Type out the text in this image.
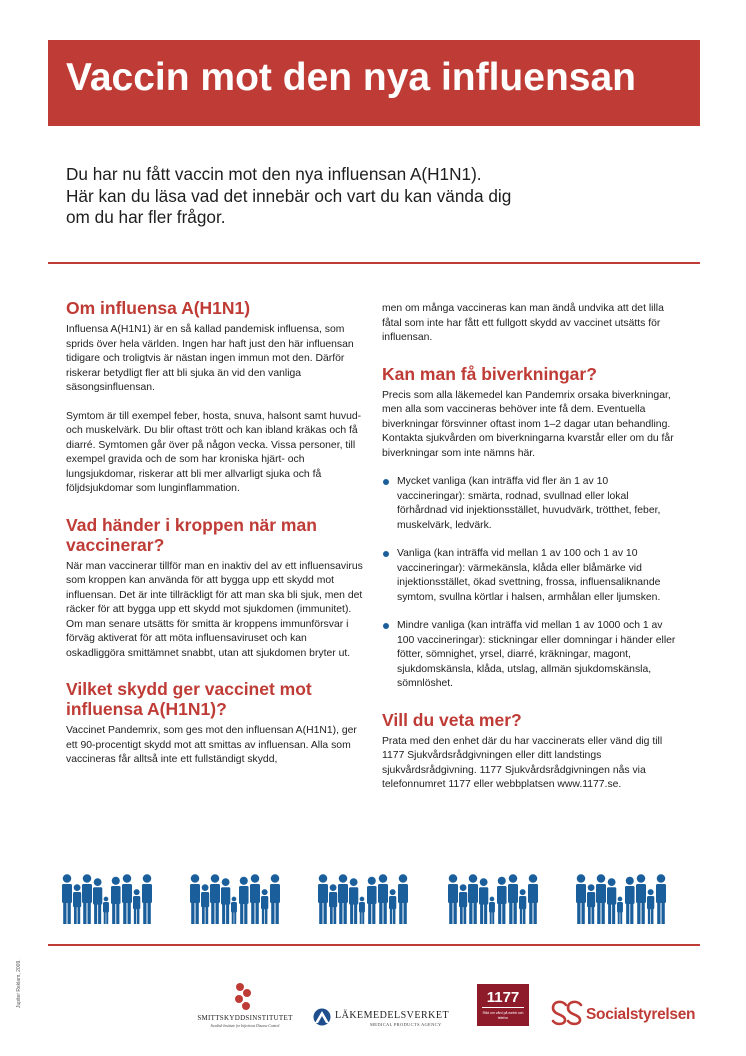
Vaccin mot den nya influensan
Du har nu fått vaccin mot den nya influensan A(H1N1).
Här kan du läsa vad det innebär och vart du kan vända dig
om du har fler frågor.
Om influensa A(H1N1)

Influensa A(H1N1) är en så kallad pandemisk influensa, som sprids över hela världen. Ingen har haft just den här influensan tidigare och troligtvis är nästan ingen immun mot den. Därför riskerar betydligt fler att bli sjuka än vid den vanliga säsongsinfluensan.

Symtom är till exempel feber, hosta, snuva, halsont samt huvud- och muskelvärk. Du blir oftast trött och kan ibland kräkas och få diarré. Symtomen går över på någon vecka. Vissa personer, till exempel gravida och de som har kroniska hjärt- och lungsjukdomar, riskerar att bli mer allvarligt sjuka och få följdsjukdomar som lunginflammation.

Vad händer i kroppen när man vaccinerar?

När man vaccinerar tillför man en inaktiv del av ett influensavirus som kroppen kan använda för att bygga upp ett skydd mot influensan. Det är inte tillräckligt för att man ska bli sjuk, men det räcker för att bygga upp ett skydd mot sjukdomen (immunitet). Om man senare utsätts för smitta är kroppens immunförsvar i förväg aktiverat för att möta influensaviruset och kan oskadliggöra smittämnet snabbt, utan att sjukdomen bryter ut.

Vilket skydd ger vaccinet mot influensa A(H1N1)?

Vaccinet Pandemrix, som ges mot den influensan A(H1N1), ger ett 90-procentigt skydd mot att smittas av influensan. Alla som vaccineras får alltså inte ett fullständigt skydd,

men om många vaccineras kan man ändå undvika att det lilla fåtal som inte har fått ett fullgott skydd av vaccinet utsätts för influensan.

Kan man få biverkningar?

Precis som alla läkemedel kan Pandemrix orsaka biverkningar, men alla som vaccineras behöver inte få dem. Eventuella biverkningar försvinner oftast inom 1–2 dagar utan behandling. Kontakta sjukvården om biverkningarna kvarstår eller om du får biverkningar som inte nämns här.

Mycket vanliga (kan inträffa vid fler än 1 av 10 vaccineringar): smärta, rodnad, svullnad eller lokal förhårdnad vid injektionsstället, huvudvärk, trötthet, feber, muskelvärk, ledvärk.
Vanliga (kan inträffa vid mellan 1 av 100 och 1 av 10 vaccineringar): värmekänsla, klåda eller blåmärke vid injektionsstället, ökad svettning, frossa, influensaliknande symtom, svullna körtlar i halsen, armhålan eller ljumsken.
Mindre vanliga (kan inträffa vid mellan 1 av 1000 och 1 av 100 vaccineringar): stickningar eller domningar i händer eller fötter, sömnighet, yrsel, diarré, kräkningar, magont, sjukdomskänsla, klåda, utslag, allmän sjukdomskänsla, sömnlöshet.
Vill du veta mer?

Prata med den enhet där du har vaccinerats eller vänd dig till 1177 Sjukvårdsrådgivningen eller ditt landstings sjukvårdsrådgivning. 1177 Sjukvårdsrådgivningen nås via telefonnumret 1177 eller webbplatsen www.1177.se.

Jupiter Reklam, 2009.
SMITTSKYDDSINSTITUTET
Swedish Institute for Infectious Disease Control
LÄKEMEDELSVERKET
MEDICAL PRODUCTS AGENCY
1177
Råd om vård på webb och telefon	Socialstyrelsen
